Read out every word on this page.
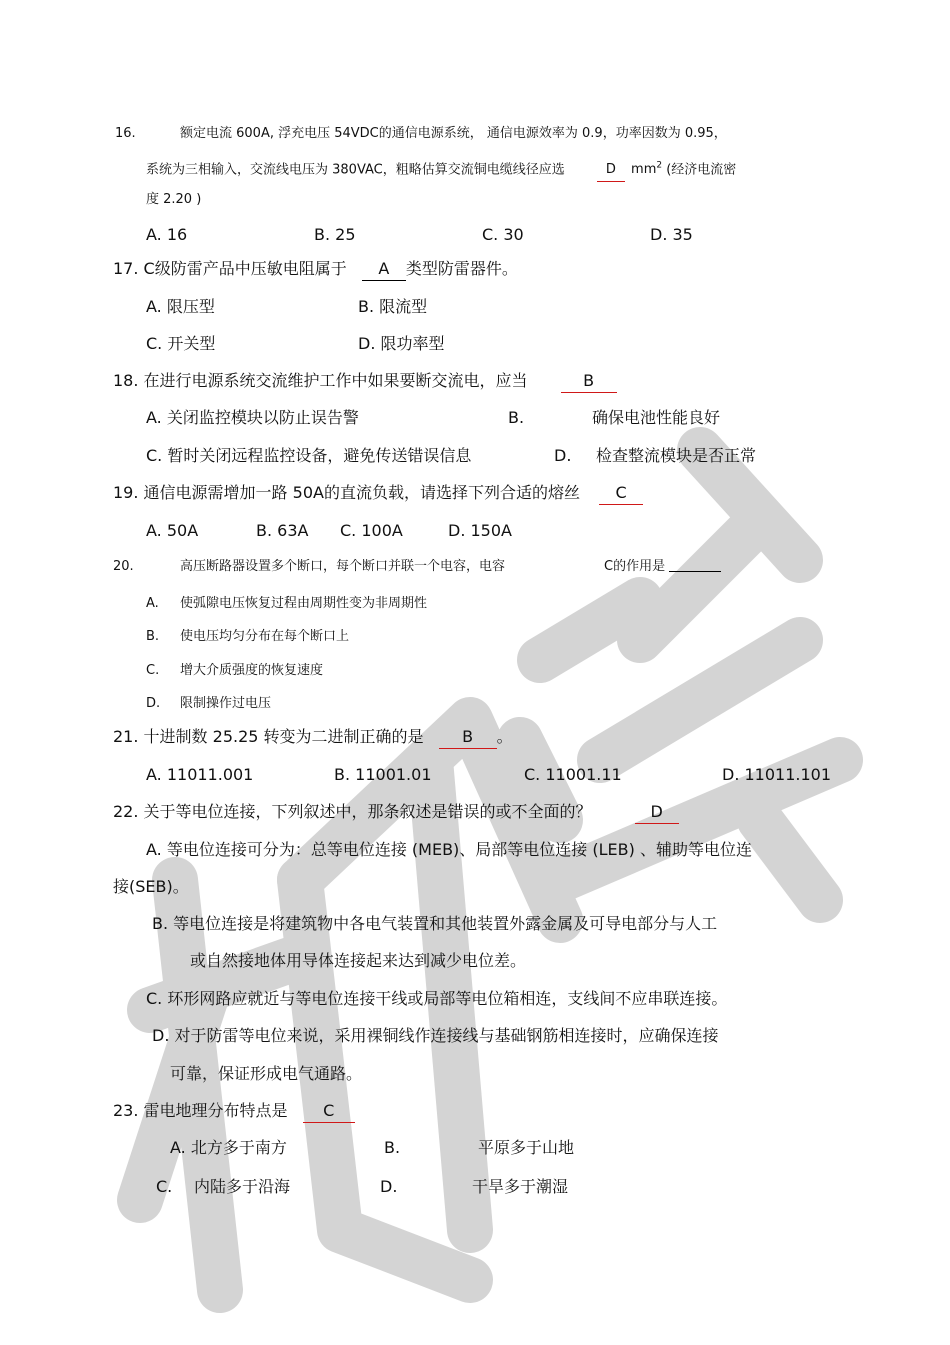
16.	额定电流 600A, 浮充电压 54VDC的通信电源系统， 通信电源效率为 0.9，功率因数为 0.95，
系统为三相输入，交流线电压为 380VAC，粗略估算交流铜电缆线径应选	D $mm^2$ (经济电流密
度 2.20 )
A. 16	B. 25	C. 30	D. 35
17. C级防雷产品中压敏电阻属于 A 类型防雷器件。
A. 限压型	B. 限流型
C. 开关型	D. 限功率型
18. 在进行电源系统交流维护工作中如果要断交流电，应当	B
A. 关闭监控模块以防止误告警	B.	确保电池性能良好
C. 暂时关闭远程监控设备，避免传送错误信息	D. 检查整流模块是否正常
19. 通信电源需增加一路 50A的直流负载，请选择下列合适的熔丝 C
A. 50A	B. 63A C. 100A	D. 150A
20.	高压断路器设置多个断口，每个断口并联一个电容，电容	C的作用是
A. 使弧隙电压恢复过程由周期性变为非周期性
B. 使电压均匀分布在每个断口上
C. 增大介质强度的恢复速度
D. 限制操作过电压
21. 十进制数 25.25 转变为二进制正确的是 B 。
A. 11011.001	B. 11001.01	C. 11001.11	D. 11011.101
22. 关于等电位连接，下列叙述中，那条叙述是错误的或不全面的？	D
A. 等电位连接可分为：总等电位连接 (MEB)、局部等电位连接 (LEB) 、辅助等电位连
接(SEB)。
B. 等电位连接是将建筑物中各电气装置和其他装置外露金属及可导电部分与人工
或自然接地体用导体连接起来达到减少电位差。
C. 环形网路应就近与等电位连接干线或局部等电位箱相连，支线间不应串联连接。
D. 对于防雷等电位来说，采用裸铜线作连接线与基础钢筋相连接时，应确保连接
可靠，保证形成电气通路。
23. 雷电地理分布特点是 C
A. 北方多于南方	B.	平原多于山地
C. 内陆多于沿海	D.	干旱多于潮湿
